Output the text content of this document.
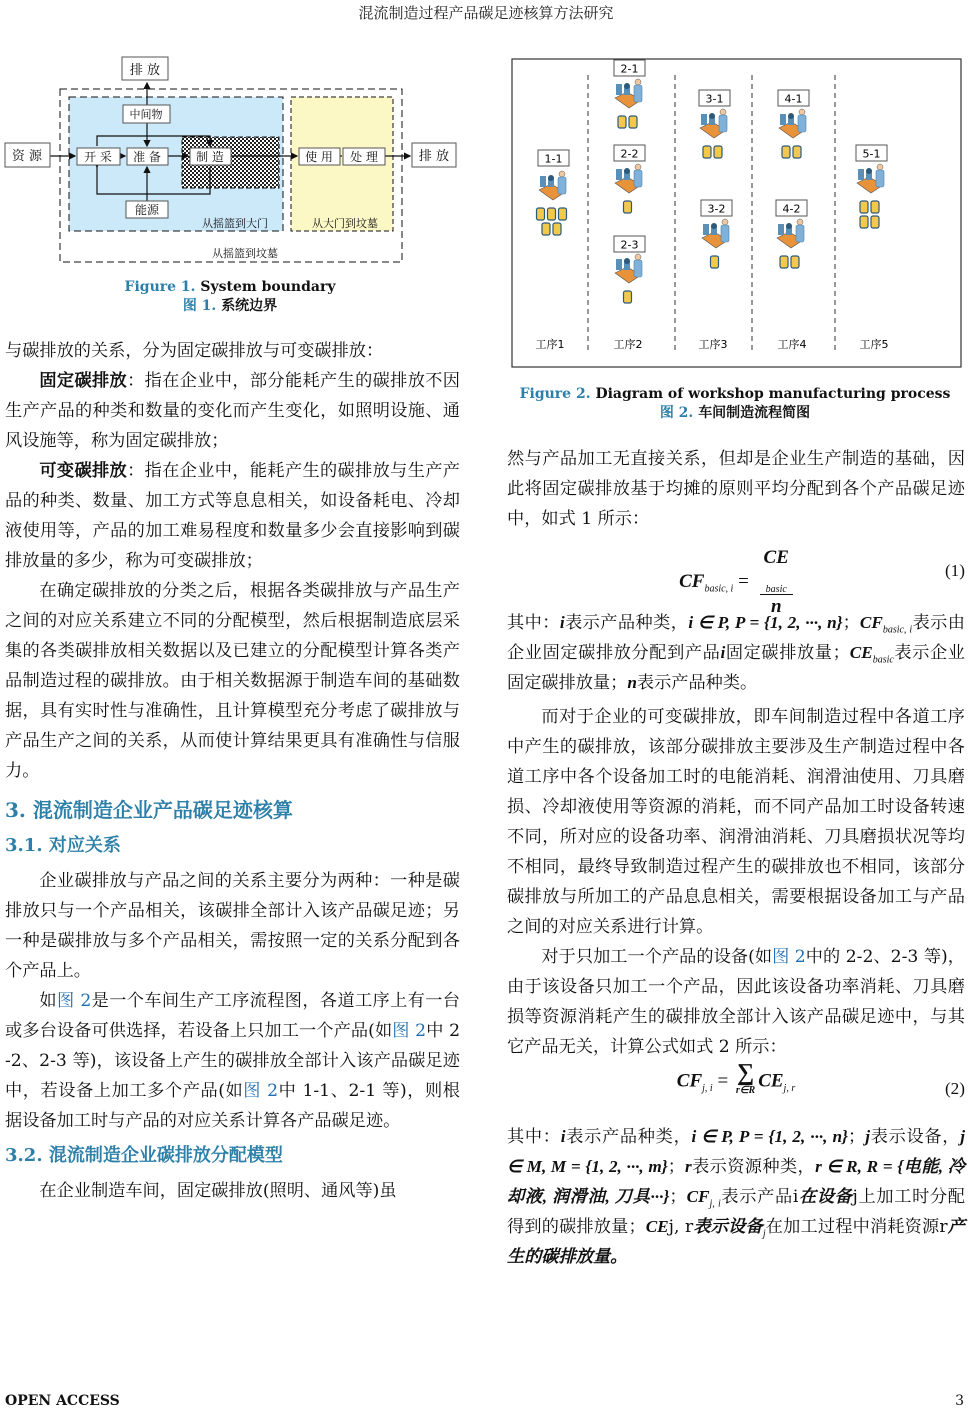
混流制造过程产品碳足迹核算方法研究
排 放
中间物
资 源	开 采 准 备	制 造	使 用 处 理	排 放
能源
从摇篮到大门	从大门到坟墓
从摇篮到坟墓
Figure 1. System boundary
图 1. 系统边界
1-1
2-1
2-2
2-3
3-1
3-2
4-1
4-2
5-1
工序1	工序2	工序3	工序4	工序5
Figure 2. Diagram of workshop manufacturing process
图 2. 车间制造流程简图

与碳排放的关系，分为固定碳排放与可变碳排放：

固定碳排放：指在企业中，部分能耗产生的碳排放不因生产产品的种类和数量的变化而产生变化，如照明设施、通风设施等，称为固定碳排放；

可变碳排放：指在企业中，能耗产生的碳排放与生产产品的种类、数量、加工方式等息息相关，如设备耗电、冷却液使用等，产品的加工难易程度和数量多少会直接影响到碳排放量的多少，称为可变碳排放；

在确定碳排放的分类之后，根据各类碳排放与产品生产之间的对应关系建立不同的分配模型，然后根据制造底层采集的各类碳排放相关数据以及已建立的分配模型计算各类产品制造过程的碳排放。由于相关数据源于制造车间的基础数据，具有实时性与准确性，且计算模型充分考虑了碳排放与产品生产之间的关系，从而使计算结果更具有准确性与信服力。

3. 混流制造企业产品碳足迹核算
3.1. 对应关系

企业碳排放与产品之间的关系主要分为两种：一种是碳排放只与一个产品相关，该碳排全部计入该产品碳足迹；另一种是碳排放与多个产品相关，需按照一定的关系分配到各个产品上。

如图 2是一个车间生产工序流程图，各道工序上有一台或多台设备可供选择，若设备上只加工一个产品(如图 2中 2-2、2-3 等)，该设备上产生的碳排放全部计入该产品碳足迹中，若设备上加工多个产品(如图 2中 1-1、2-1 等)，则根据设备加工时与产品的对应关系计算各产品碳足迹。

3.2. 混流制造企业碳排放分配模型

在企业制造车间，固定碳排放(照明、通风等)虽

然与产品加工无直接关系，但却是企业生产制造的基础，因此将固定碳排放基于均摊的原则平均分配到各个产品碳足迹中，如式 1 所示：

$CF_{basic, i}$ = CE
$_{basic}$
n	(1)

其中：i表示产品种类，i ∈ P, P = {1, 2, ···, n}；$CF_{basic, i}$表示由企业固定碳排放分配到产品i固定碳排放量；$CE_{basic}$表示企业固定碳排放量；n表示产品种类。

而对于企业的可变碳排放，即车间制造过程中各道工序中产生的碳排放，该部分碳排放主要涉及生产制造过程中各道工序中各个设备加工时的电能消耗、润滑油使用、刀具磨损、冷却液使用等资源的消耗，而不同产品加工时设备转速不同，所对应的设备功率、润滑油消耗、刀具磨损状况等均不相同，最终导致制造过程产生的碳排放也不相同，该部分碳排放与所加工的产品息息相关，需要根据设备加工与产品之间的对应关系进行计算。

对于只加工一个产品的设备(如图 2中的 2-2、2-3 等)，由于该设备只加工一个产品，因此该设备功率消耗、刀具磨损等资源消耗产生的碳排放全部计入该产品碳足迹中，与其它产品无关，计算公式如式 2 所示：

$CF_{j, i}$ = ∑
r∈R $CE_{j, r}$	(2)

其中：i表示产品种类，i ∈ P, P = {1, 2, ···, n}；j表示设备，j ∈ M, M = {1, 2, ···, m}；r表示资源种类，r ∈ R, R = {电能, 冷却液, 润滑油, 刀具···}；$CF_{j, i}$表示产品i在设备j上加工时分配得到的碳排放量；CEj, r表示设备$_j$在加工过程中消耗资源r产生的碳排放量。

OPEN ACCESS	3
